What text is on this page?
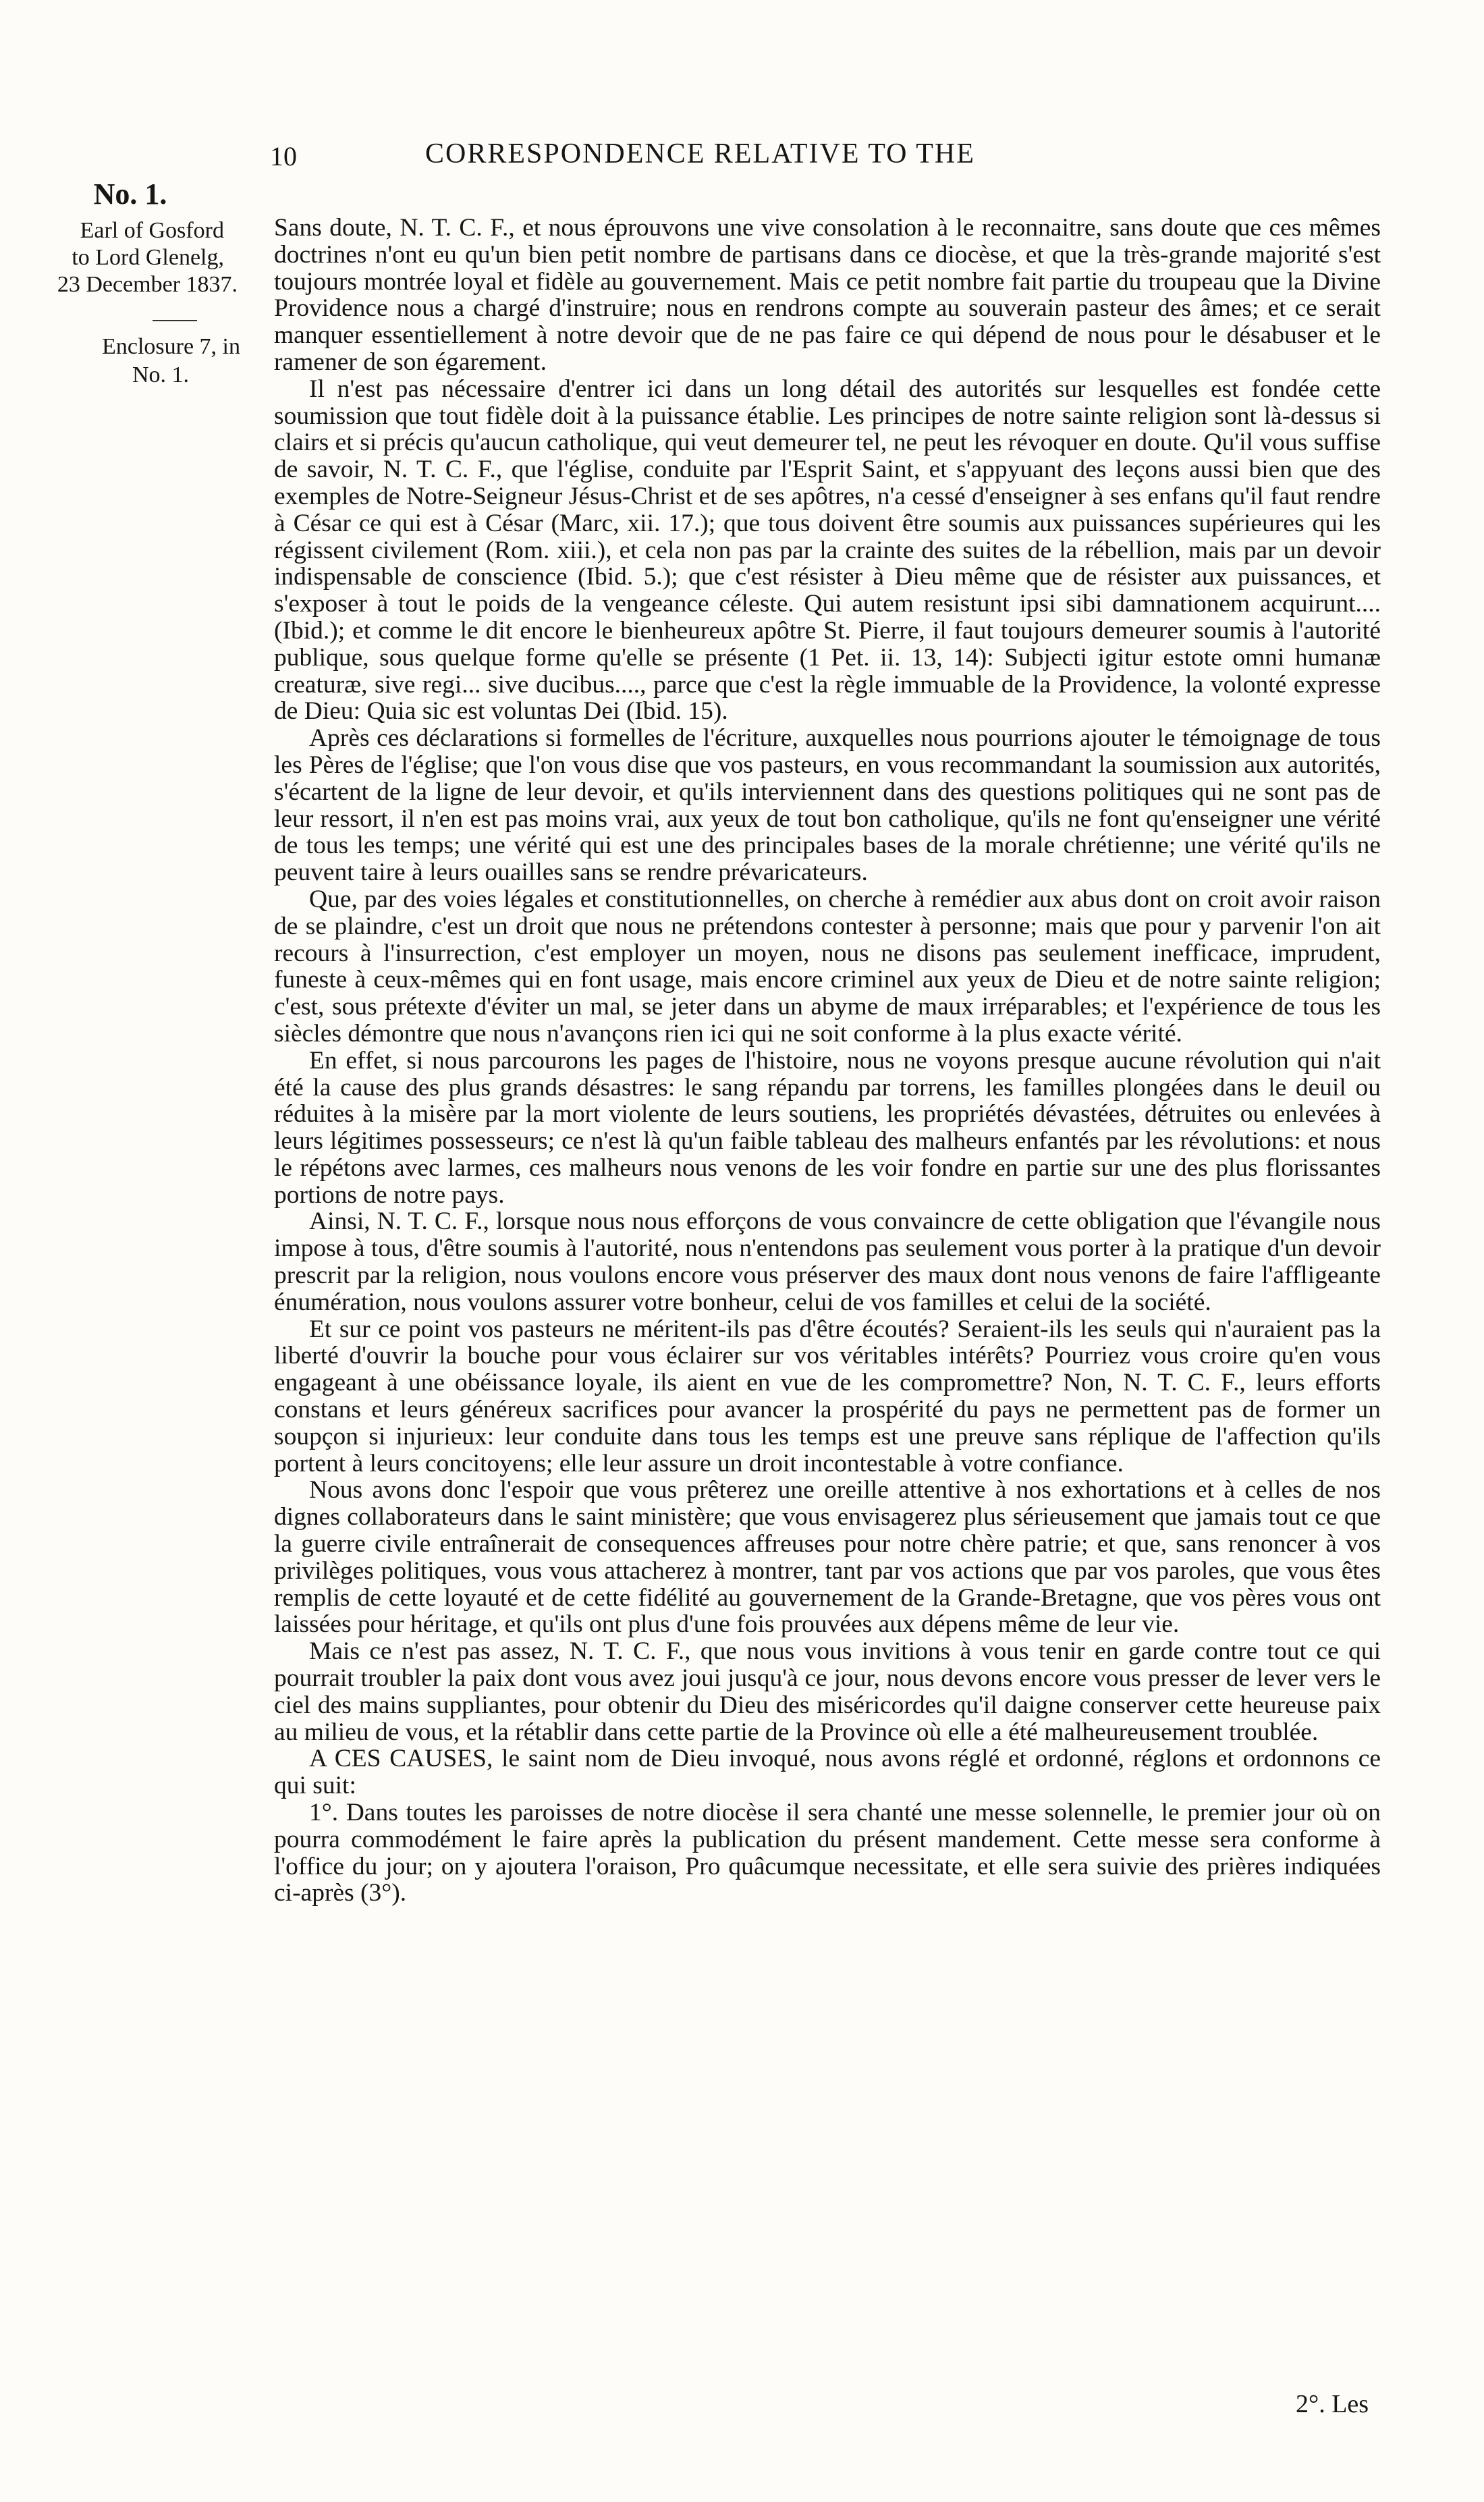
10	CORRESPONDENCE RELATIVE TO THE
No. 1.
Earl of Gosford
to Lord Glenelg,
23 December 1837.
Enclosure 7, in
No. 1.

Sans doute, N. T. C. F., et nous éprouvons une vive consolation à le reconnaitre, sans doute que ces mêmes doctrines n'ont eu qu'un bien petit nombre de partisans dans ce diocèse, et que la très-grande majorité s'est toujours montrée loyal et fidèle au gouvernement. Mais ce petit nombre fait partie du troupeau que la Divine Providence nous a chargé d'instruire; nous en rendrons compte au souverain pasteur des âmes; et ce serait manquer essentiellement à notre devoir que de ne pas faire ce qui dépend de nous pour le désabuser et le ramener de son égarement.

Il n'est pas nécessaire d'entrer ici dans un long détail des autorités sur lesquelles est fondée cette soumission que tout fidèle doit à la puissance établie. Les principes de notre sainte religion sont là-dessus si clairs et si précis qu'aucun catholique, qui veut demeurer tel, ne peut les révoquer en doute. Qu'il vous suffise de savoir, N. T. C. F., que l'église, conduite par l'Esprit Saint, et s'appyuant des leçons aussi bien que des exemples de Notre-Seigneur Jésus-Christ et de ses apôtres, n'a cessé d'enseigner à ses enfans qu'il faut rendre à César ce qui est à César (Marc, xii. 17.); que tous doivent être soumis aux puissances supérieures qui les régissent civilement (Rom. xiii.), et cela non pas par la crainte des suites de la rébellion, mais par un devoir indispensable de conscience (Ibid. 5.); que c'est résister à Dieu même que de résister aux puissances, et s'exposer à tout le poids de la vengeance céleste. Qui autem resistunt ipsi sibi damnationem acquirunt.... (Ibid.); et comme le dit encore le bienheureux apôtre St. Pierre, il faut toujours demeurer soumis à l'autorité publique, sous quelque forme qu'elle se présente (1 Pet. ii. 13, 14): Subjecti igitur estote omni humanæ creaturæ, sive regi... sive ducibus...., parce que c'est la règle immuable de la Providence, la volonté expresse de Dieu: Quia sic est voluntas Dei (Ibid. 15).

Après ces déclarations si formelles de l'écriture, auxquelles nous pourrions ajouter le témoignage de tous les Pères de l'église; que l'on vous dise que vos pasteurs, en vous recommandant la soumission aux autorités, s'écartent de la ligne de leur devoir, et qu'ils interviennent dans des questions politiques qui ne sont pas de leur ressort, il n'en est pas moins vrai, aux yeux de tout bon catholique, qu'ils ne font qu'enseigner une vérité de tous les temps; une vérité qui est une des principales bases de la morale chrétienne; une vérité qu'ils ne peuvent taire à leurs ouailles sans se rendre prévaricateurs.

Que, par des voies légales et constitutionnelles, on cherche à remédier aux abus dont on croit avoir raison de se plaindre, c'est un droit que nous ne prétendons contester à personne; mais que pour y parvenir l'on ait recours à l'insurrection, c'est employer un moyen, nous ne disons pas seulement inefficace, imprudent, funeste à ceux-mêmes qui en font usage, mais encore criminel aux yeux de Dieu et de notre sainte religion; c'est, sous prétexte d'éviter un mal, se jeter dans un abyme de maux irréparables; et l'expérience de tous les siècles démontre que nous n'avançons rien ici qui ne soit conforme à la plus exacte vérité.

En effet, si nous parcourons les pages de l'histoire, nous ne voyons presque aucune révolution qui n'ait été la cause des plus grands désastres: le sang répandu par torrens, les familles plongées dans le deuil ou réduites à la misère par la mort violente de leurs soutiens, les propriétés dévastées, détruites ou enlevées à leurs légitimes possesseurs; ce n'est là qu'un faible tableau des malheurs enfantés par les révolutions: et nous le répétons avec larmes, ces malheurs nous venons de les voir fondre en partie sur une des plus florissantes portions de notre pays.

Ainsi, N. T. C. F., lorsque nous nous efforçons de vous convaincre de cette obligation que l'évangile nous impose à tous, d'être soumis à l'autorité, nous n'entendons pas seulement vous porter à la pratique d'un devoir prescrit par la religion, nous voulons encore vous préserver des maux dont nous venons de faire l'affligeante énumération, nous voulons assurer votre bonheur, celui de vos familles et celui de la société.

Et sur ce point vos pasteurs ne méritent-ils pas d'être écoutés? Seraient-ils les seuls qui n'auraient pas la liberté d'ouvrir la bouche pour vous éclairer sur vos véritables intérêts? Pourriez vous croire qu'en vous engageant à une obéissance loyale, ils aient en vue de les compromettre? Non, N. T. C. F., leurs efforts constans et leurs généreux sacrifices pour avancer la prospérité du pays ne permettent pas de former un soupçon si injurieux: leur conduite dans tous les temps est une preuve sans réplique de l'affection qu'ils portent à leurs concitoyens; elle leur assure un droit incontestable à votre confiance.

Nous avons donc l'espoir que vous prêterez une oreille attentive à nos exhortations et à celles de nos dignes collaborateurs dans le saint ministère; que vous envisagerez plus sérieusement que jamais tout ce que la guerre civile entraînerait de consequences affreuses pour notre chère patrie; et que, sans renoncer à vos privilèges politiques, vous vous attacherez à montrer, tant par vos actions que par vos paroles, que vous êtes remplis de cette loyauté et de cette fidélité au gouvernement de la Grande-Bretagne, que vos pères vous ont laissées pour héritage, et qu'ils ont plus d'une fois prouvées aux dépens même de leur vie.

Mais ce n'est pas assez, N. T. C. F., que nous vous invitions à vous tenir en garde contre tout ce qui pourrait troubler la paix dont vous avez joui jusqu'à ce jour, nous devons encore vous presser de lever vers le ciel des mains suppliantes, pour obtenir du Dieu des miséricordes qu'il daigne conserver cette heureuse paix au milieu de vous, et la rétablir dans cette partie de la Province où elle a été malheureusement troublée.

A CES CAUSES, le saint nom de Dieu invoqué, nous avons réglé et ordonné, réglons et ordonnons ce qui suit:

1°. Dans toutes les paroisses de notre diocèse il sera chanté une messe solennelle, le premier jour où on pourra commodément le faire après la publication du présent mandement. Cette messe sera conforme à l'office du jour; on y ajoutera l'oraison, Pro quâcumque necessitate, et elle sera suivie des prières indiquées ci-après (3°).

2°. Les
